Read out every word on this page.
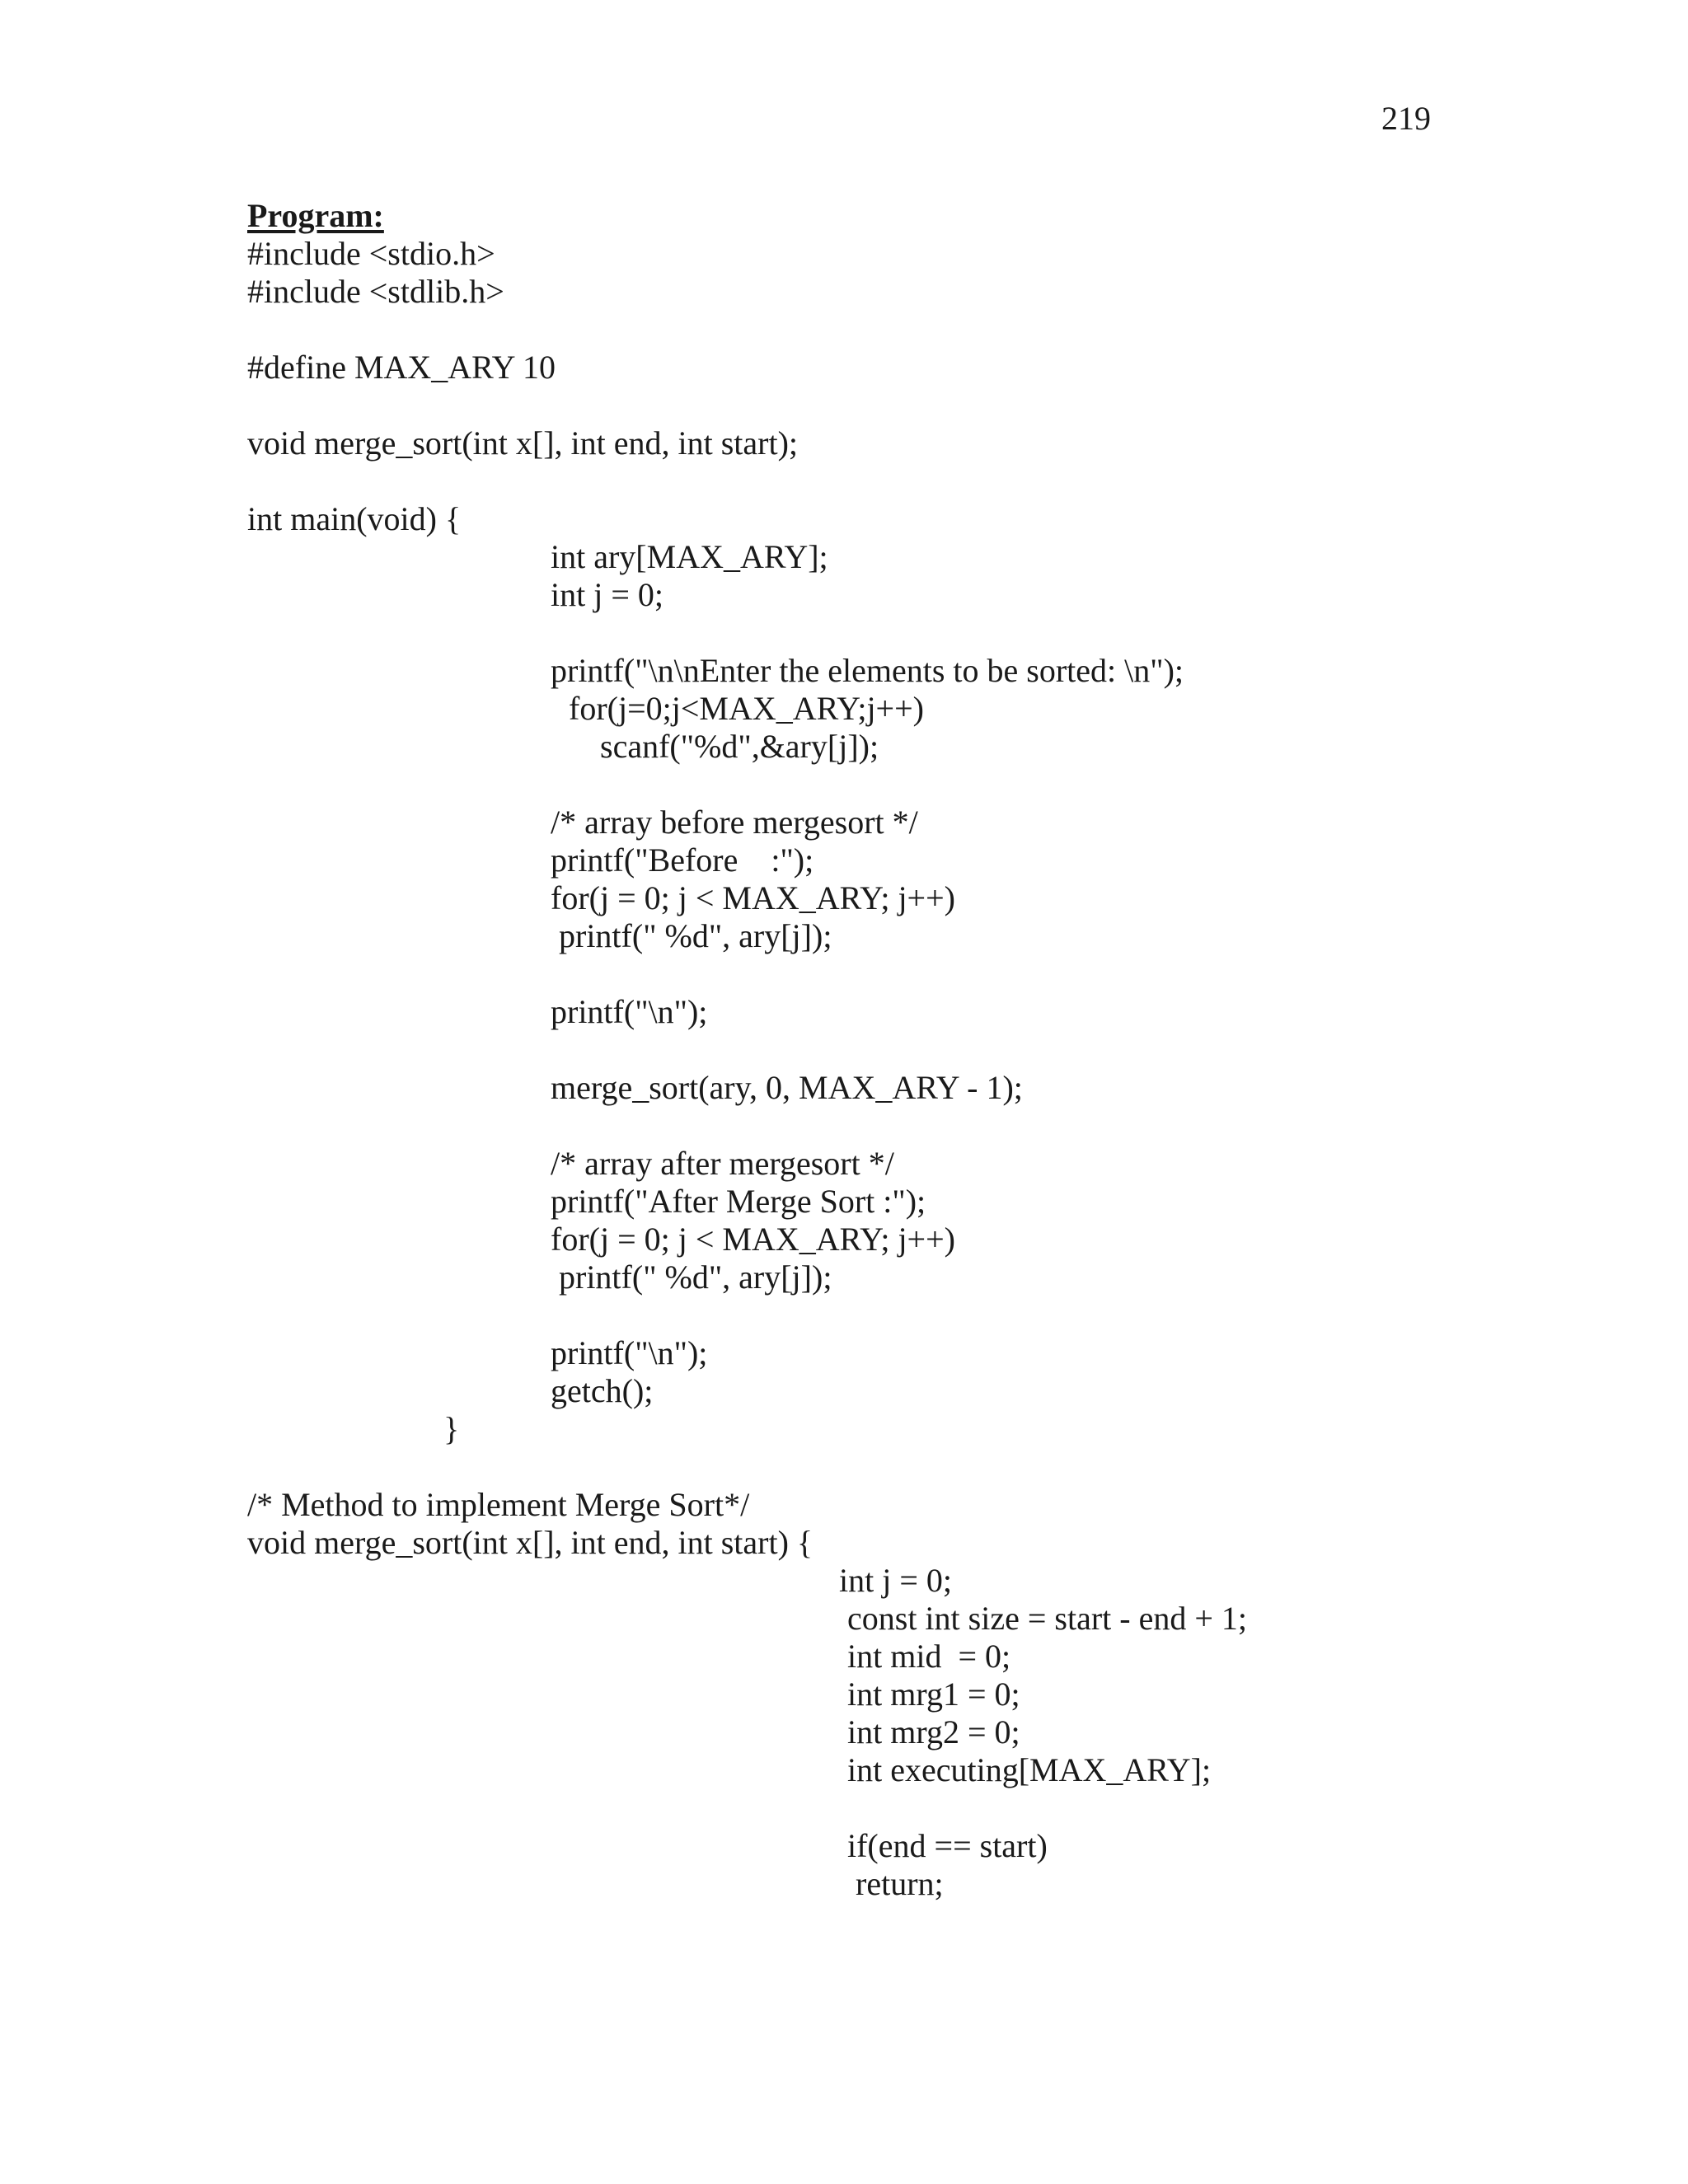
219
Program:
#include <stdio.h>
#include <stdlib.h>
#define MAX_ARY 10
void merge_sort(int x[], int end, int start);
int main(void) {
int ary[MAX_ARY];
int j = 0;
printf("\n\nEnter the elements to be sorted: \n");
for(j=0;j<MAX_ARY;j++)
scanf("%d",&ary[j]);
/* array before mergesort */
printf("Before    :");
for(j = 0; j < MAX_ARY; j++)
printf(" %d", ary[j]);
printf("\n");
merge_sort(ary, 0, MAX_ARY - 1);
/* array after mergesort */
printf("After Merge Sort :");
for(j = 0; j < MAX_ARY; j++)
printf(" %d", ary[j]);
printf("\n");
getch();
}
/* Method to implement Merge Sort*/
void merge_sort(int x[], int end, int start) {
int j = 0;
const int size = start - end + 1;
int mid  = 0;
int mrg1 = 0;
int mrg2 = 0;
int executing[MAX_ARY];
if(end == start)
return;
